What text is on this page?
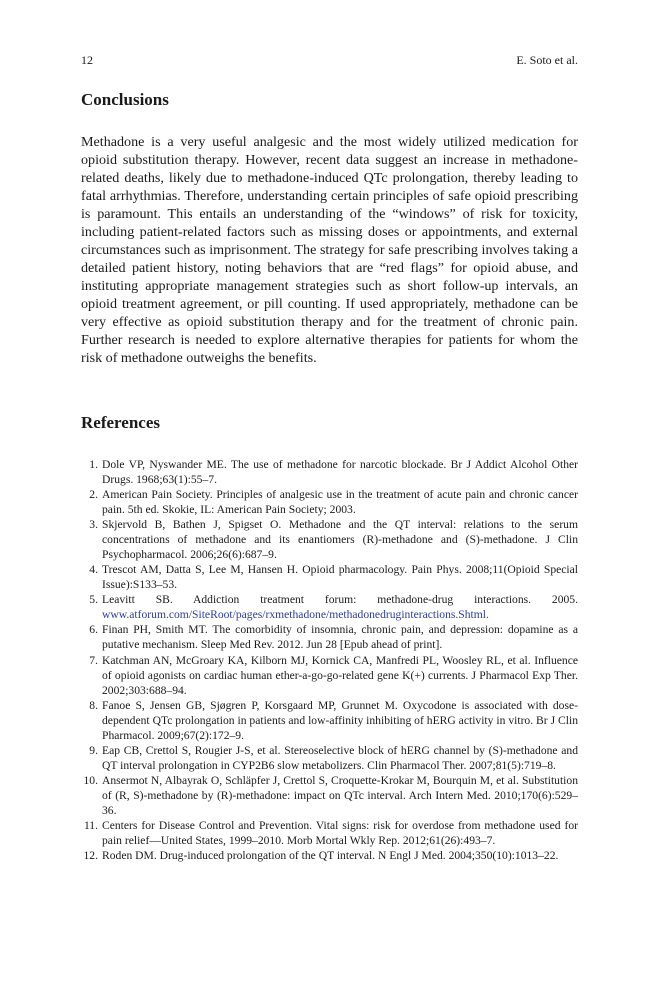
12	E. Soto et al.
Conclusions

Methadone is a very useful analgesic and the most widely utilized medication for opioid substitution therapy. However, recent data suggest an increase in methadone-related deaths, likely due to methadone-induced QTc prolongation, thereby leading to fatal arrhythmias. Therefore, understanding certain principles of safe opioid prescribing is paramount. This entails an understanding of the “windows” of risk for toxicity, including patient-related factors such as missing doses or appointments, and external circumstances such as imprisonment. The strategy for safe prescribing involves taking a detailed patient history, noting behaviors that are “red flags” for opioid abuse, and instituting appropriate management strategies such as short follow-up intervals, an opioid treatment agreement, or pill counting. If used appropriately, methadone can be very effective as opioid substitution therapy and for the treatment of chronic pain. Further research is needed to explore alternative therapies for patients for whom the risk of methadone outweighs the benefits.

References
1. Dole VP, Nyswander ME. The use of methadone for narcotic blockade. Br J Addict Alcohol Other Drugs. 1968;63(1):55–7.
2. American Pain Society. Principles of analgesic use in the treatment of acute pain and chronic cancer pain. 5th ed. Skokie, IL: American Pain Society; 2003.
3. Skjervold B, Bathen J, Spigset O. Methadone and the QT interval: relations to the serum concentrations of methadone and its enantiomers (R)-methadone and (S)-methadone. J Clin Psychopharmacol. 2006;26(6):687–9.
4. Trescot AM, Datta S, Lee M, Hansen H. Opioid pharmacology. Pain Phys. 2008;11(Opioid Special Issue):S133–53.
5. Leavitt SB. Addiction treatment forum: methadone-drug interactions. 2005. www.atforum.com/SiteRoot/pages/rxmethadone/methadonedruginteractions.Shtml.
6. Finan PH, Smith MT. The comorbidity of insomnia, chronic pain, and depression: dopamine as a putative mechanism. Sleep Med Rev. 2012. Jun 28 [Epub ahead of print].
7. Katchman AN, McGroary KA, Kilborn MJ, Kornick CA, Manfredi PL, Woosley RL, et al. Influence of opioid agonists on cardiac human ether-a-go-go-related gene K(+) currents. J Pharmacol Exp Ther. 2002;303:688–94.
8. Fanoe S, Jensen GB, Sjøgren P, Korsgaard MP, Grunnet M. Oxycodone is associated with dose-dependent QTc prolongation in patients and low-affinity inhibiting of hERG activity in vitro. Br J Clin Pharmacol. 2009;67(2):172–9.
9. Eap CB, Crettol S, Rougier J-S, et al. Stereoselective block of hERG channel by (S)-methadone and QT interval prolongation in CYP2B6 slow metabolizers. Clin Pharmacol Ther. 2007;81(5):719–8.
10. Ansermot N, Albayrak O, Schläpfer J, Crettol S, Croquette-Krokar M, Bourquin M, et al. Substitution of (R, S)-methadone by (R)-methadone: impact on QTc interval. Arch Intern Med. 2010;170(6):529–36.
11. Centers for Disease Control and Prevention. Vital signs: risk for overdose from methadone used for pain relief—United States, 1999–2010. Morb Mortal Wkly Rep. 2012;61(26):493–7.
12. Roden DM. Drug-induced prolongation of the QT interval. N Engl J Med. 2004;350(10):1013–22.
